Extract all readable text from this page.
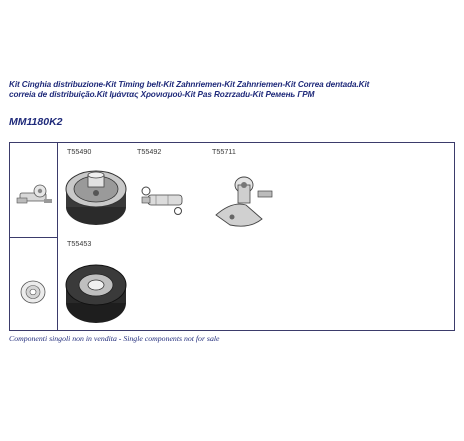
Kit Cinghia distribuzione-Kit Timing belt-Kit Zahnriemen-Kit Zahnriemen-Kit Correa dentada.Kit
correia de distribuição.Kit Ιμάντας Χρονισμού-Kit Pas Rozrzadu-Kit Ремень ГРМ
MM1180K2
T55490	T55492	T55711
T55453
Componenti singoli non in vendita - Single components not for sale
